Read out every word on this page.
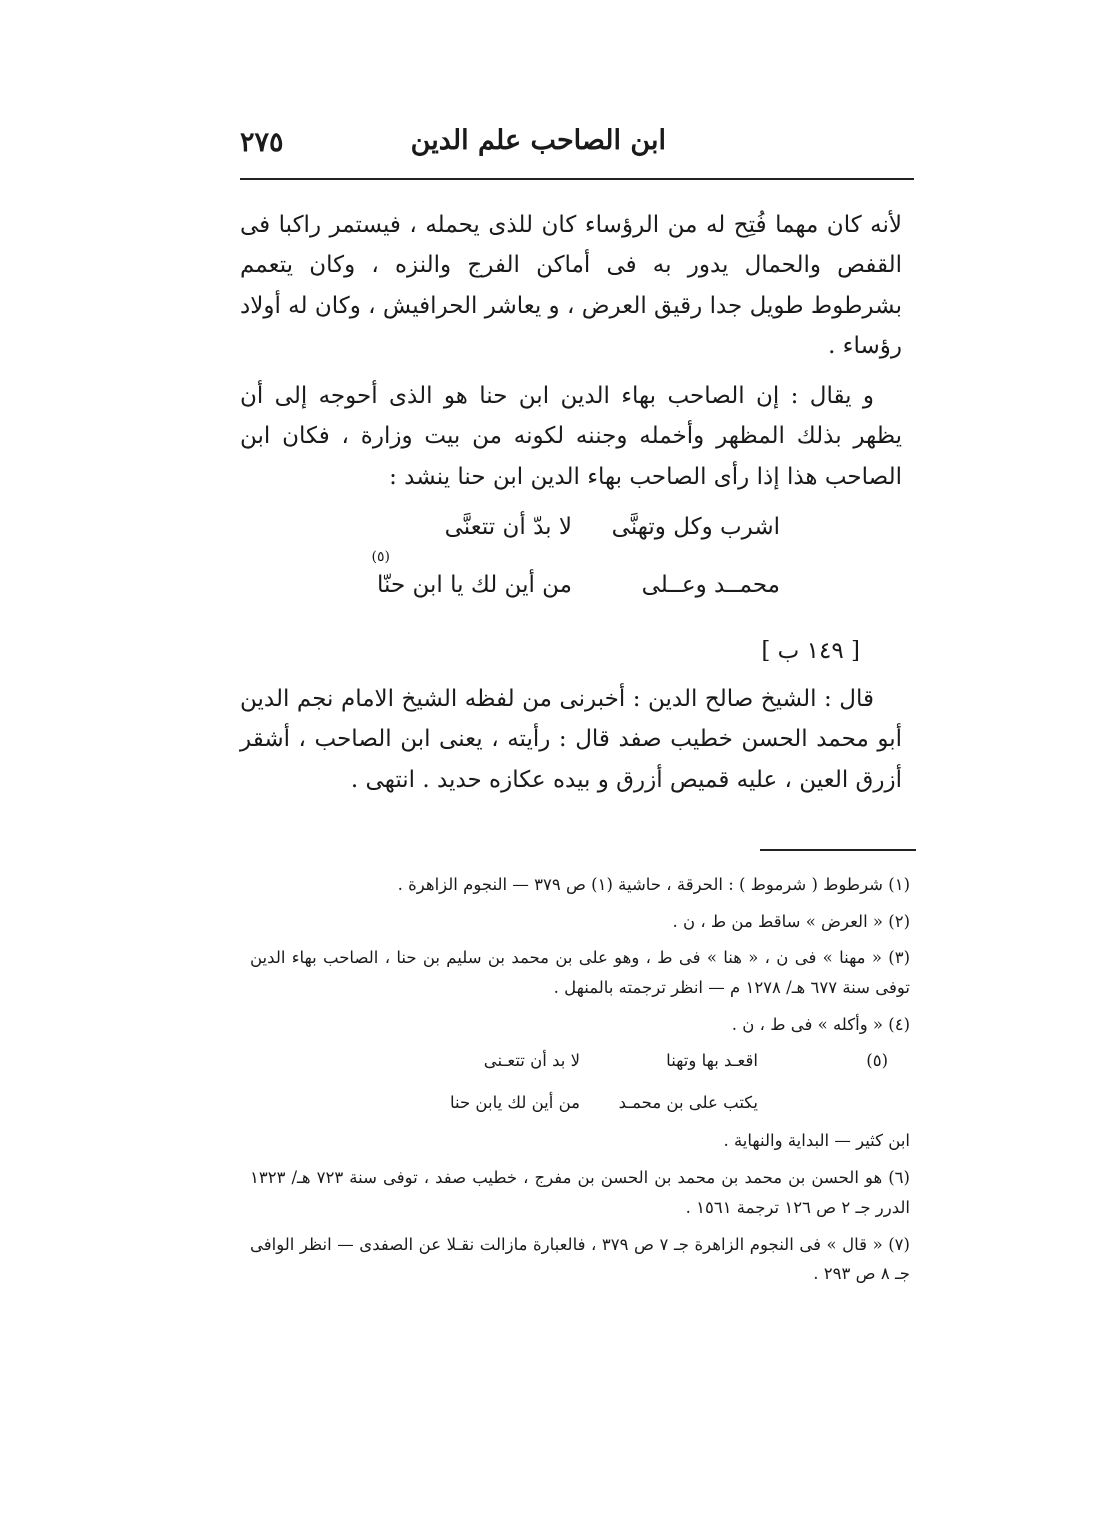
ابن الصاحب علم الدين
٢٧٥

لأنه كان مهما فُتِح له من الرؤساء كان للذى يحمله ، فيستمر راكبا فى القفص والحمال يدور به فى أماكن الفرج والنزه ، وكان يتعمم بشرطوط طويل جدا رقيق العرض ، و يعاشر الحرافيش ، وكان له أولاد رؤساء .

و يقال : إن الصاحب بهاء الدين ابن حنا هو الذى أحوجه إلى أن يظهر بذلك المظهر وأخمله وجننه لكونه من بيت وزارة ، فكان ابن الصاحب هذا إذا رأى الصاحب بهاء الدين ابن حنا ينشد :

اشرب وكل وتهنَّى
لا بدّ أن تتعنَّى
(٥)
محمــد وعــلى
من أين لك يا ابن حنّا

[ ١٤٩ ب ]

قال : الشيخ صالح الدين : أخبرنى من لفظه الشيخ الامام نجم الدين أبو محمد الحسن خطيب صفد قال : رأيته ، يعنى ابن الصاحب ، أشقر أزرق العين ، عليه قميص أزرق و بيده عكازه حديد . انتهى .

(١) شرطوط ( شرموط ) : الحرقة ، حاشية (١) ص ٣٧٩ — النجوم الزاهرة .

(٢) « العرض » ساقط من ط ، ن .

(٣) « مهنا » فى ن ، « هنا » فى ط ، وهو على بن محمد بن سليم بن حنا ، الصاحب بهاء الدين توفى سنة ٦٧٧ هـ/ ١٢٧٨ م — انظر ترجمته بالمنهل .

(٤) « وأكله » فى ط ، ن .

(٥)
اقعـد بها وتهنا
لا بد أن تتعـنى
يكتب على بن محمـد
من أين لك يابن حنا

ابن كثير — البداية والنهاية .

(٦) هو الحسن بن محمد بن محمد بن الحسن بن مفرج ، خطيب صفد ، توفى سنة ٧٢٣ هـ/ ١٣٢٣ الدرر جـ ٢ ص ١٢٦ ترجمة ١٥٦١ .

(٧) « قال » فى النجوم الزاهرة جـ ٧ ص ٣٧٩ ، فالعبارة مازالت نقـلا عن الصفدى — انظر الوافى جـ ٨ ص ٢٩٣ .
